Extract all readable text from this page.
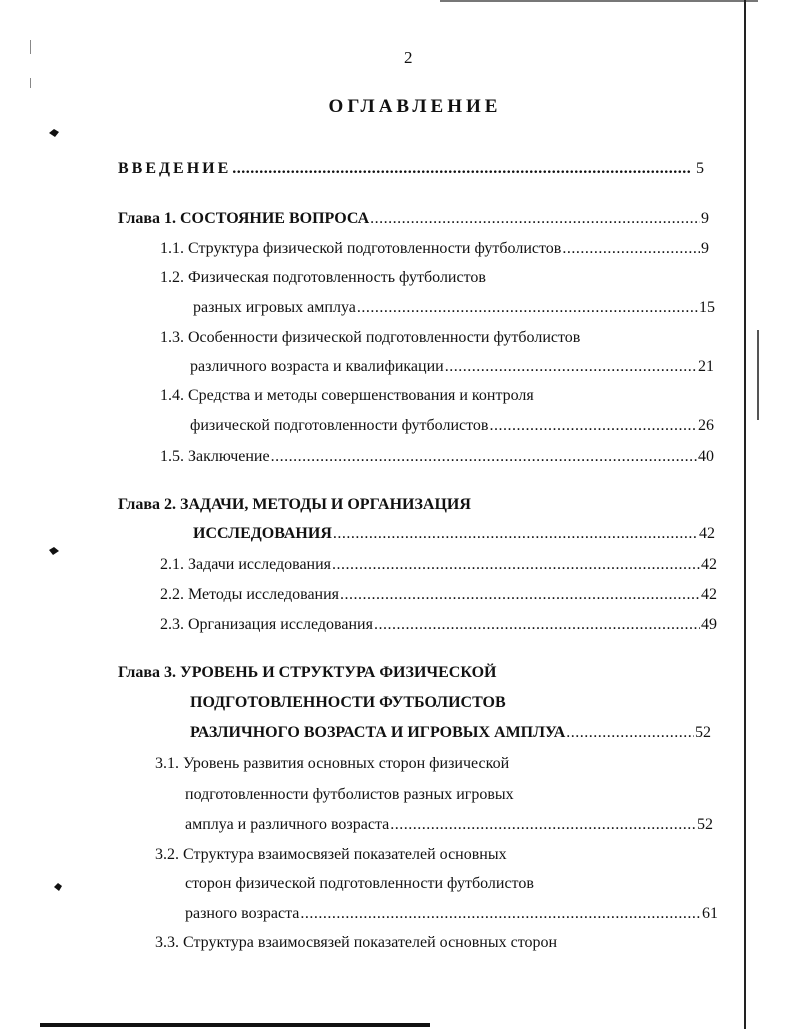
2
ОГЛАВЛЕНИЕ
ВВЕДЕНИЕ .....	5
Глава 1. СОСТОЯНИЕ ВОПРОСА .....	9
1.1. Структура физической подготовленности футболистов .....	9
1.2. Физическая подготовленность футболистов
разных игровых амплуа .....	15
1.3. Особенности физической подготовленности футболистов
различного возраста и квалификации .....	21
1.4. Средства и методы совершенствования и контроля
физической подготовленности футболистов .....	26
1.5. Заключение .....	40
Глава 2. ЗАДАЧИ, МЕТОДЫ И ОРГАНИЗАЦИЯ
ИССЛЕДОВАНИЯ .....	42
2.1. Задачи исследования .....	42
2.2. Методы исследования .....	42
2.3. Организация исследования .....	49
Глава 3. УРОВЕНЬ И СТРУКТУРА ФИЗИЧЕСКОЙ
ПОДГОТОВЛЕННОСТИ ФУТБОЛИСТОВ
РАЗЛИЧНОГО ВОЗРАСТА И ИГРОВЫХ АМПЛУА .....	52
3.1. Уровень развития основных сторон физической
подготовленности футболистов разных игровых
амплуа и различного возраста .....	52
3.2. Структура взаимосвязей показателей основных
сторон физической подготовленности футболистов
разного возраста .....	61
3.3. Структура взаимосвязей показателей основных сторон
